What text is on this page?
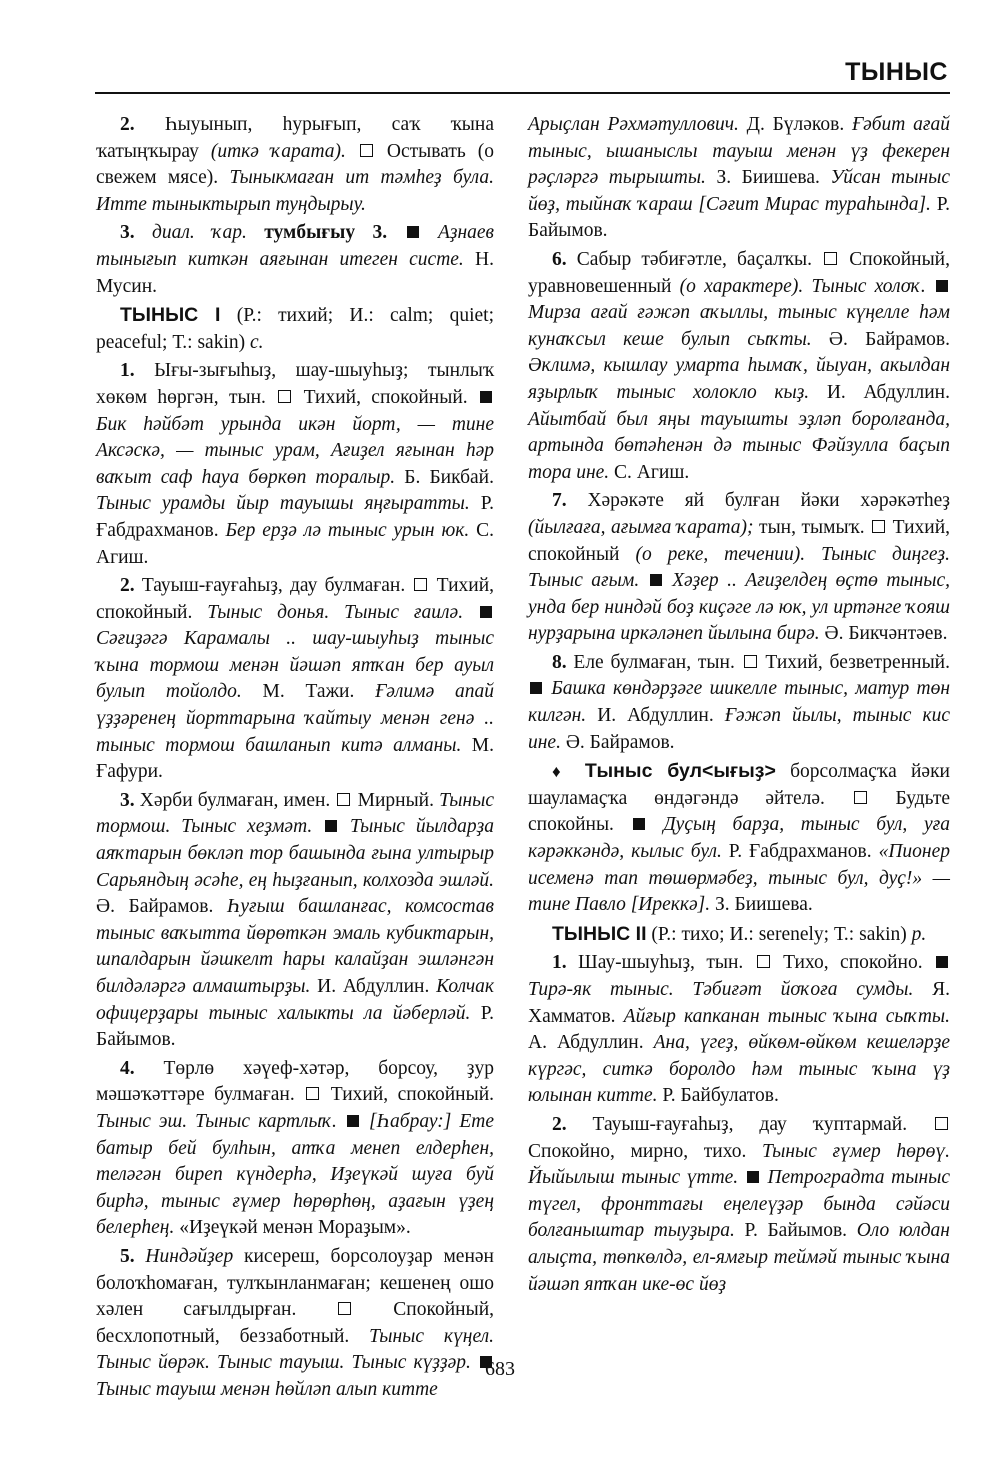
ТЫНЫС

2. Һыуынып, һурығып, саҡ ҡына ҡатыңҡырау (иткә ҡарата). Остывать (о свежем мясе). Тыныкмаған ит тәмһеҙ була. Итте тыныктырып туңдырыу.

3. диал. ҡар. тумбығыу 3.  Аҙнаев тынығып киткән аяғынан итеген систе. Н. Мусин.

ТЫНЫС I (Р.: тихий; И.: calm; quiet; peaceful; Т.: sakin) с.

1. Ығы-зығыһыҙ, шау-шыуһыҙ; тынлыҡ хөкөм һөргән, тын. Тихий, спокойный.  Бик һәйбәт урында икән йорт, — тине Аксәскә, — тыныс урам, Ағиҙел яғынан һәр ваҡыт саф һауа бөркөп торалыр. Б. Бикбай. Тыныс урамды йыр тауышы яңғыратты. Р. Ғабдрахманов. Бер ерҙә лә тыныс урын юк. С. Агиш.

2. Тауыш-ғауғаһыҙ, дау булмаған. Тихий, спокойный. Тыныс донья. Тыныс ғаилә.  Сәғиҙәгә Карамалы .. шау-шыуһыҙ тыныс ҡына тормош менән йәшәп ятҡан бер ауыл булып тойолдо. М. Тажи. Ғәлимә апай үҙҙәренең йорттарына ҡайтыу менән генә .. тыныс тормош башланып китә алманы. М. Ғафури.

3. Хәрби булмаған, имен. Мирный. Тыныс тормош. Тыныс хеҙмәт. Тыныс йылдарҙа аяҡтарын бөкләп тор башында ғына ултырыр Сарьяндың әсәһе, ең һыҙғанып, колхозда эшләй. Ә. Байрамов. Һуғыш башланғас, комсостав тыныс ваҡытта йөрөткән эмаль кубиктарын, шпалдарын йәшкелт һары калайҙан эшләнгән билдәләргә алмаштырҙы. И. Абдуллин. Колчак офицерҙары тыныс халыкты ла йәберләй. Р. Байымов.

4. Төрлө хәүеф-хәтәр, борсоу, ҙур мәшәҡәттәре булмаған. Тихий, спокойный. Тыныс эш. Тыныс картлыҡ. [Һабрау:] Ете батыр бей булһын, атҡа менеп елдерһен, теләгән биреп күндерһә, Иҙеүкәй шуға буй бирһә, тыныс ғүмер һөрөрһөң, аҙағын үҙең белерһең. «Иҙеүкәй менән Мораҙым».

5. Ниндәйҙер кисереш, борсолоуҙар менән болоҡһомаған, тулҡынланмаған; кешенең ошо хәлен сағылдырған.	Спокойный, бесхлопотный, беззаботный. Тыныс күңел. Тыныс йөрәк. Тыныс тауыш. Тыныс күҙҙәр.  Тыныс тауыш менән һөйләп алып китте

Арыҫлан Рәхмәтуллович. Д. Бүләков. Ғәбит ағай тыныс, ышанысльı тауыш менән үҙ фекерен рәҫләргә тырышты. З. Биишева. Уйсан тыныс йөҙ, тыйнаҡ ҡараш [Сәғит Мирас тураһында]. Р. Байымов.

6. Сабыр тәбиғәтле, баҫалҡы. Спокойный, уравновешенный (о характере). Тыныс холоҡ.  Мирза ағай ғәжәп аҡыллы, тыныс күңелле һәм кунаҡсыл кеше булып сыҡты. Ә. Байрамов. Әклимә, кышлау умарта һымаҡ, йыуан, акылдан яҙырлыҡ тыныс холоклo кыҙ. И. Абдуллин. Айытбай был яңы тауышты эҙләп боролғанда, артында бөтәһенән дә тыныс Фәйзулла баҫып тора ине. С. Агиш.

7. Хәрәкәте яй булған йәки хәрәкәтһеҙ (йылғаға, ағымға ҡарата); тын, тымыҡ. Тихий, спокойный (о реке, течении). Тыныс диңгеҙ. Тыныс ағым. Хәҙер .. Ағиҙелдең өҫтө тыныс, унда бер ниндәй боҙ киҫәге лә юк, ул иртәнге ҡояш нурҙарына иркәләнеп йылына бирә. Ә. Бикчәнтәев.

8. Еле булмаған, тын. Тихий, безветренный.  Башка көндәрҙәге шикелле тыныс, матур төн килгән. И. Абдуллин. Ғәжәп йылы, тыныс кис ине. Ә. Байрамов.

♦ Тыныс бул<ығыҙ> борсолмаҫҡа йәки шауламаҫҡа өндәгәндә әйтелә.	Будьте спокойны.	Дуҫың барҙа, тыныс бул, уға кәрәккәндә, кылыс бул. Р. Ғабдрахманов. «Пионер исеменә тап төшөрмәбеҙ, тыныс бул, дуҫ!» — тине Павло [Иреккә]. З. Биишева.

ТЫНЫС II (Р.: тихо; И.: serenely; Т.: sakin) р.

1. Шау-шыуһыҙ, тын. Тихо, спокойно.  Тирә-як тыныс. Тәбиғәт йоҡоға сумды. Я. Хамматов. Айғыр капканан тыныс ҡына сыҡты. А. Абдуллин. Ана, үгеҙ, өйкөм-өйкөм кешеләрҙе күргәс, ситкә боролдо һәм тыныс ҡына үҙ юлынан китте. Р. Байбулатов.

2. Тауыш-ғауғаһыҙ, дау ҡуптармай.  Спокойно, мирно, тихо. Тыныс ғүмер һөрөү. Йыйылыш тыныс үтте. Петроградта тыныс түгел, фронттағы еңелеүҙәр бында сәйәси болғаныштар тыуҙыра. Р. Байымов. Оло юлдан алыҫта, төпкөлдә, ел-ямғыр теймәй тыныс ҡына йәшәп ятҡан ике-өс йөҙ

683
